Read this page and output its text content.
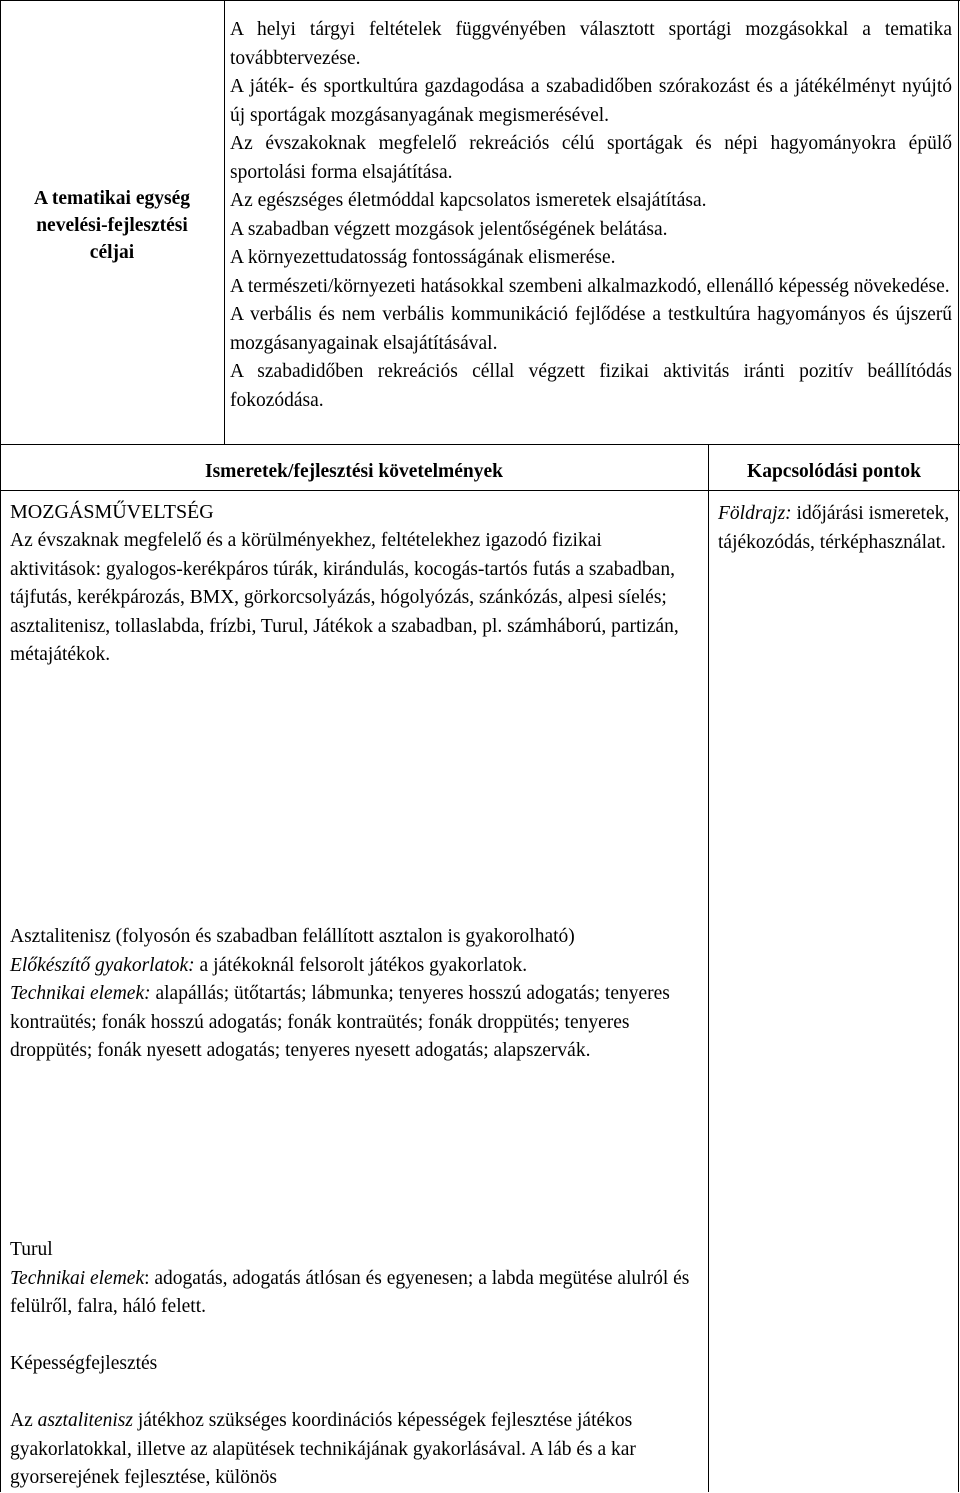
A tematikai egység
nevelési-fejlesztési
céljai

A helyi tárgyi feltételek függvényében választott sportági mozgásokkal a tematika továbbtervezése.

A játék- és sportkultúra gazdagodása a szabadidőben szórakozást és a játékélményt nyújtó új sportágak mozgásanyagának megismerésével.

Az évszakoknak megfelelő rekreációs célú sportágak és népi hagyományokra épülő sportolási forma elsajátítása.

Az egészséges életmóddal kapcsolatos ismeretek elsajátítása.

A szabadban végzett mozgások jelentőségének belátása.

A környezettudatosság fontosságának elismerése.

A természeti/környezeti hatásokkal szembeni alkalmazkodó, ellenálló képesség növekedése.

A verbális és nem verbális kommunikáció fejlődése a testkultúra hagyományos és újszerű mozgásanyagainak elsajátításával.

A szabadidőben rekreációs céllal végzett fizikai aktivitás iránti pozitív beállítódás fokozódása.

Ismeretek/fejlesztési követelmények	Kapcsolódási pontok
MOZGÁSMŰVELTSÉG

Az évszaknak megfelelő és a körülményekhez, feltételekhez igazodó fizikai aktivitások: gyalogos-kerékpáros túrák, kirándulás, kocogás-tartós futás a szabadban, tájfutás, kerékpározás, BMX, görkorcsolyázás, hógolyózás, szánkózás, alpesi síelés; asztalitenisz, tollaslabda, frízbi, Turul, Játékok a szabadban, pl. számháború, partizán, métajátékok.

Asztalitenisz (folyosón és szabadban felállított asztalon is gyakorolható)

Előkészítő gyakorlatok: a játékoknál felsorolt játékos gyakorlatok.

Technikai elemek: alapállás; ütőtartás; lábmunka; tenyeres hosszú adogatás; tenyeres kontraütés; fonák hosszú adogatás; fonák kontraütés; fonák droppütés; tenyeres droppütés; fonák nyesett adogatás; tenyeres nyesett adogatás; alapszervák.

Turul

Technikai elemek: adogatás, adogatás átlósan és egyenesen; a labda megütése alulról és felülről, falra, háló felett.

Képességfejlesztés

Az asztalitenisz játékhoz szükséges koordinációs képességek fejlesztése játékos gyakorlatokkal, illetve az alapütések technikájának gyakorlásával. A láb és a kar gyorserejének fejlesztése, különös

Földrajz: időjárási ismeretek, tájékozódás, térképhasználat.
